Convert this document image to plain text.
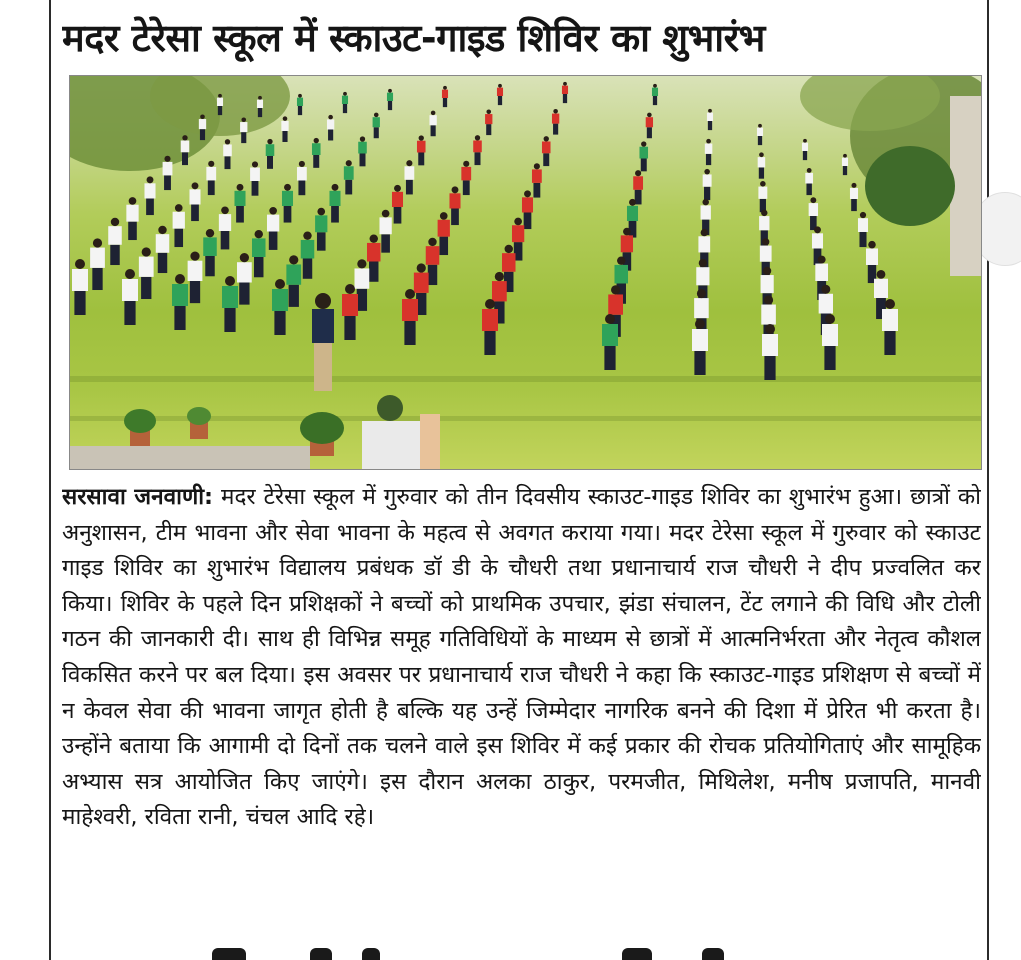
मदर टेरेसा स्कूल में स्काउट-गाइड शिविर का शुभारंभ

सरसावा जनवाणी: मदर टेरेसा स्कूल में गुरुवार को तीन दिवसीय स्काउट-गाइड शिविर का शुभारंभ हुआ। छात्रों को अनुशासन, टीम भावना और सेवा भावना के महत्व से अवगत कराया गया। मदर टेरेसा स्कूल में गुरुवार को स्काउट गाइड शिविर का शुभारंभ विद्यालय प्रबंधक डॉ डी के चौधरी तथा प्रधानाचार्य राज चौधरी ने दीप प्रज्वलित कर किया। शिविर के पहले दिन प्रशिक्षकों ने बच्चों को प्राथमिक उपचार, झंडा संचालन, टेंट लगाने की विधि और टोली गठन की जानकारी दी। साथ ही विभिन्न समूह गतिविधियों के माध्यम से छात्रों में आत्मनिर्भरता और नेतृत्व कौशल विकसित करने पर बल दिया। इस अवसर पर प्रधानाचार्य राज चौधरी ने कहा कि स्काउट-गाइड प्रशिक्षण से बच्चों में न केवल सेवा की भावना जागृत होती है बल्कि यह उन्हें जिम्मेदार नागरिक बनने की दिशा में प्रेरित भी करता है। उन्होंने बताया कि आगामी दो दिनों तक चलने वाले इस शिविर में कई प्रकार की रोचक प्रतियोगिताएं और सामूहिक अभ्यास सत्र आयोजित किए जाएंगे। इस दौरान अलका ठाकुर, परमजीत, मिथिलेश, मनीष प्रजापति, मानवी माहेश्वरी, रविता रानी, चंचल आदि रहे।
